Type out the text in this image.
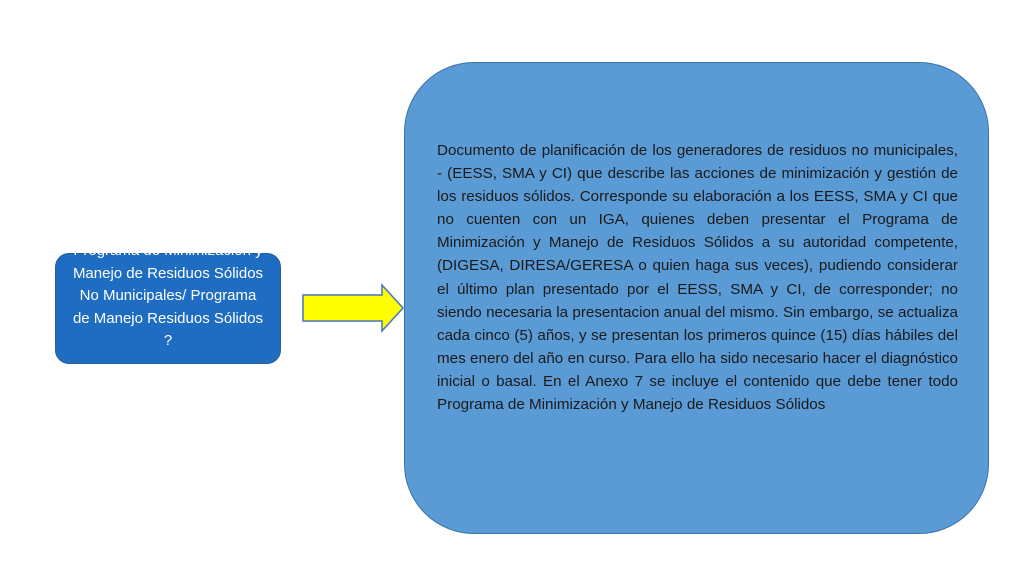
Programa de Minimización y Manejo de Residuos Sólidos No Municipales/ Programa de Manejo Residuos Sólidos ?
Documento de planificación de los generadores de residuos no municipales, - (EESS, SMA y CI) que describe las acciones de minimización y gestión de los residuos sólidos. Corresponde su elaboración a los EESS, SMA y CI que no cuenten con un IGA, quienes deben presentar el Programa de Minimización y Manejo de Residuos Sólidos a su autoridad competente, (DIGESA, DIRESA/GERESA o quien haga sus veces), pudiendo considerar el último plan presentado por el EESS, SMA y CI, de corresponder; no siendo necesaria la presentacion anual del mismo. Sin embargo, se actualiza cada cinco (5) años, y se presentan los primeros quince (15) días hábiles del mes enero del año en curso. Para ello ha sido necesario hacer el diagnóstico inicial o basal. En el Anexo 7 se incluye el contenido que debe tener todo Programa de Minimización y Manejo de Residuos Sólidos
